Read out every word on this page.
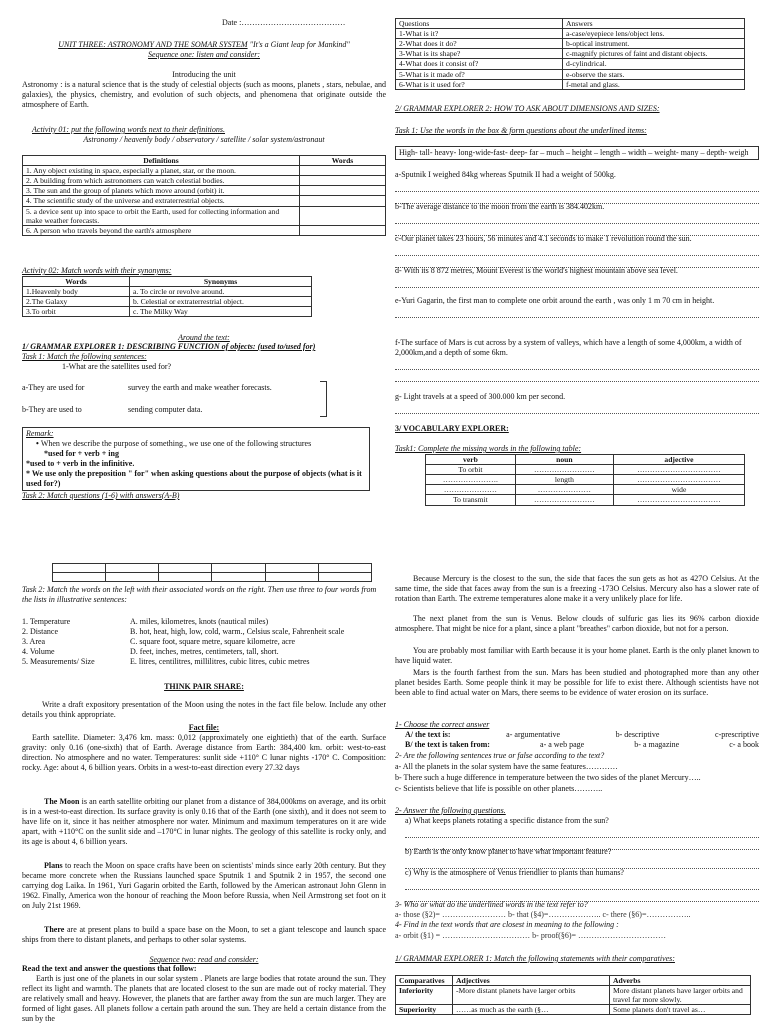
Date :…………………………………
UNIT THREE: ASTRONOMY AND THE SOMAR SYSTEM "It's a Giant leap for Mankind"
Sequence one: listen and consider:
Introducing the unit

Astronomy : is a natural science that is the study of celestial objects (such as moons, planets , stars, nebulae, and galaxies), the physics, chemistry, and evolution of such objects, and phenomena that originate outside the atmosphere of Earth.

Activity 01: put the following words next to their definitions.
Astronomy / heavenly body / observatory / satellite / solar system/astronaut
Definitions	Words
1. Any object existing in space, especially a planet, star, or the moon.	
2. A building from which astronomers can watch celestial bodies.	
3. The sun and the group of planets which move around (orbit) it.	
4. The scientific study of the universe and extraterrestrial objects.	
5. a device sent up into space to orbit the Earth, used for collecting information and make weather forecasts.	
6. A person who travels beyond the earth's atmosphere	
Activity 02: Match words with their synonyms:
Words	Synonyms
1.Heavenly body	a. To circle or revolve around.
2.The Galaxy	b. Celestial or extraterrestrial object.
3.To orbit	c. The Milky Way
Around the text:
1/ GRAMMAR EXPLORER 1: DESCRIBING FUNCTION of objects: (used to/used for)
Task 1: Match the following sentences:
1-What are the satellites used for?
a-They are used for	survey the earth and make weather forecasts.
b-They are used to	sending computer data.
Remark:
• When we describe the purpose of something., we use one of the following structures
*used for + verb + ing
*used to + verb in the infinitive.
* We use only the preposition " for" when asking questions about the purpose of objects (what is it used for?)
Task 2: Match questions (1-6) with answers(A-B)

Task 2: Match the words on the left with their associated words on the right. Then use three to four words from the lists in illustrative sentences:
1. Temperature
2. Distance
3. Area
4. Volume
5. Measurements/ Size
A. miles, kilometres, knots (nautical miles)
B. hot, heat, high, low, cold, warm., Celsius scale, Fahrenheit scale
C. square foot, square metre, square kilometre, acre
D. feet, inches, metres, centimeters, tall, short.
E. litres, centilitres, millilitres, cubic litres, cubic metres
THINK PAIR SHARE:

Write a draft expository presentation of the Moon using the notes in the fact file below. Include any other details you think appropriate.

Fact file:

Earth satellite. Diameter: 3,476 km. mass: 0,012 (approximately one eightieth) that of the earth. Surface gravity: only 0.16 (one-sixth) that of Earth. Average distance from Earth: 384,400 km. orbit: west-to-east direction. No atmosphere and no water. Temperatures: sunlit side +110° C lunar nights -170° C. Composition: rocky. Age: about 4, 6 billion years. Orbits in a west-to-east direction every 27.32 days

The Moon is an earth satellite orbiting our planet from a distance of 384,000kms on average, and its orbit is in a west-to-east direction. Its surface gravity is only 0.16 that of the Earth (one sixth), and it does not seem to have life on it, since it has neither atmosphere nor water. Minimum and maximum temperatures on it are wide apart, with +110°C on the sunlit side and –170°C in lunar nights. The geology of this satellite is rocky only, and its age is about 4, 6 billion years.

Plans to reach the Moon on space crafts have been on scientists' minds since early 20th century. But they became more concrete when the Russians launched space Sputnik 1 and Sputnik 2 in 1957, the second one carrying dog Laika. In 1961, Yuri Gagarin orbited the Earth, followed by the American astronaut John Glenn in 1962. Finally, America won the honour of reaching the Moon before Russia, when Neil Armstrong set foot on it on July 21st 1969.

There are at present plans to build a space base on the Moon, to set a giant telescope and launch space ships from there to distant planets, and perhaps to other solar systems.

Sequence two: read and consider:
Read the text and answer the questions that follow:

Earth is just one of the planets in our solar system . Planets are large bodies that rotate around the sun. They reflect its light and warmth. The planets that are located closest to the sun are made out of rocky material. They are relatively small and heavy. However, the planets that are farther away from the sun are much larger. They are formed of light gases. All planets follow a certain path around the sun. They are held a certain distance from the sun by the

Questions	Answers
1-What is it?	a-case/eyepiece lens/object lens.
2-What does it do?	b-optical instrument.
3-What is its shape?	c-magnify pictures of faint and distant objects.
4-What does it consist of?	d-cylindrical.
5-What is it made of?	e-observe the stars.
6-What is it used for?	f-metal and glass.
2/ GRAMMAR EXPLORER 2: HOW TO ASK ABOUT DIMENSIONS AND SIZES:
Task 1: Use the words in the box & form questions about the underlined items:
High- tall- heavy- long-wide-fast- deep- far – much – height – length – width – weight- many – depth- weigh
a-Sputnik I weighed 84kg whereas Sputnik II had a weight of 500kg.
b-The average distance to the moon from the earth is 384.402km.
c-Our planet takes 23 hours, 56 minutes and 4.1 seconds to make 1 revolution round the sun.
d- With its 8 872 metres, Mount Everest is the world's highest mountain above sea level.
e-Yuri Gagarin, the first man to complete one orbit around the earth , was only 1 m 70 cm in height.
f-The surface of Mars is cut across by a system of valleys, which have a length of some 4,000km, a width of 2,000km,and a depth of some 6km.
g- Light travels at a speed of 300.000 km per second.
3/ VOCABULARY EXPLORER:
Task1: Complete the missing words in the following table:
verb	noun	adjective
To orbit	……………………	……………………………
………………….	length	……………………………
…………………	…………………	wide
To transmit	……………………	……………………………

Because Mercury is the closest to the sun, the side that faces the sun gets as hot as 427O Celsius. At the same time, the side that faces away from the sun is a freezing -173O Celsius. Mercury also has a slower rate of rotation than Earth. The extreme temperatures alone make it a very unlikely place for life.

The next planet from the sun is Venus. Below clouds of sulfuric gas lies its 96% carbon dioxide atmosphere. That might be nice for a plant, since a plant "breathes" carbon dioxide, but not for a person.

You are probably most familiar with Earth because it is your home planet. Earth is the only planet known to have liquid water.

Mars is the fourth farthest from the sun. Mars has been studied and photographed more than any other planet besides Earth. Some people think it may be possible for life to exist there. Although scientists have not been able to find actual water on Mars, there seems to be evidence of water erosion on its surface.

1- Choose the correct answer
A/ the text is:	a- argumentative	b- descriptive	c-prescriptive
B/ the text is taken from:	a- a web page	b- a magazine	c- a book
2- Are the following sentences true or false according to the text?
a- All the planets in the solar system have the same features…………
b- There such a huge difference in temperature between the two sides of the planet Mercury…..
c- Scientists believe that life is possible on other planets………..
2- Answer the following questions.
a) What keeps planets rotating a specific distance from the sun?
b) Earth is the only know planet to have what important feature?
c) Why is the atmosphere of Venus friendlier to plants than humans?
3- Who or what do the underlined words in the text refer to?
a- those (§2)= …………………… b- that (§4)=……………….. c- there (§6)=……………..
4- Find in the text words that are closest in meaning to the following :
a- orbit (§1) = …………………………… b- proof(§6)= ……………………………
1/ GRAMMAR EXPLORER 1: Match the following statements with their comparatives:
Comparatives	Adjectives	Adverbs
Inferiority	-More distant planets have larger orbits	More distant planets have larger orbits and travel far more slowly.
Superiority	……as much as the earth (§…	Some planets don't travel as…
